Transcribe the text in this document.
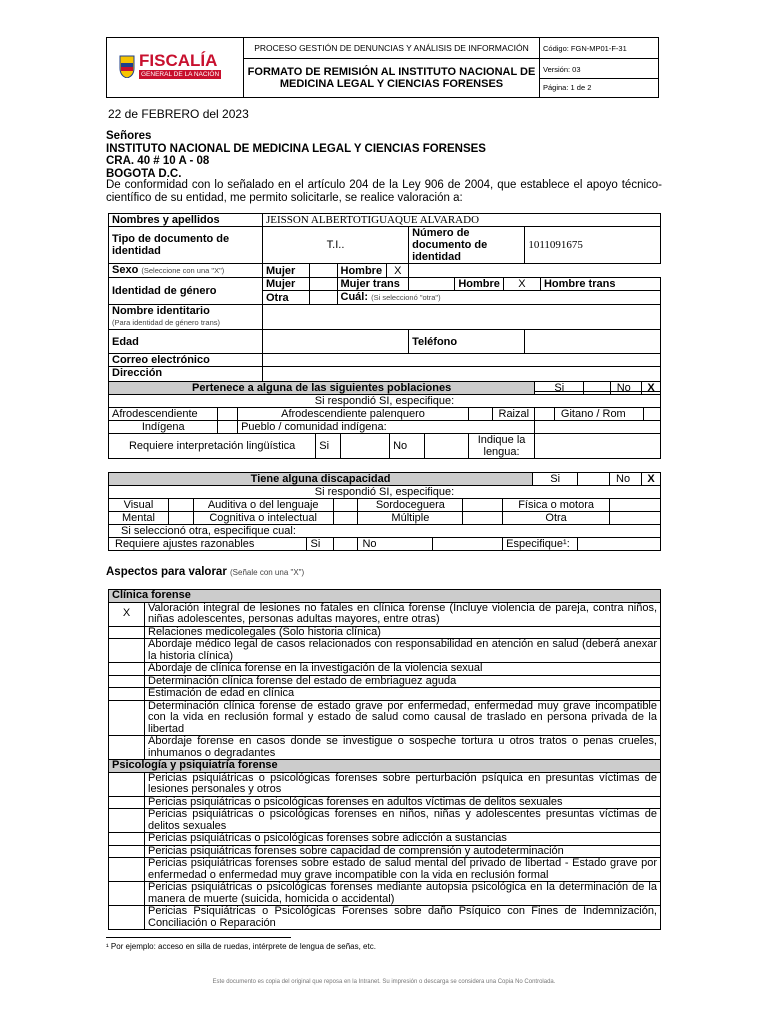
FISCALÍA
GENERAL DE LA NACIÓN	PROCESO GESTIÓN DE DENUNCIAS Y ANÁLISIS DE INFORMACIÓN	Código: FGN-MP01-F-31
	FORMATO DE REMISIÓN AL INSTITUTO NACIONAL DE MEDICINA LEGAL Y CIENCIAS FORENSES	Versión: 03
Página: 1 de 2
22 de FEBRERO del 2023
Señores
INSTITUTO NACIONAL DE MEDICINA LEGAL Y CIENCIAS FORENSES
CRA. 40 # 10 A - 08
BOGOTA D.C.
De conformidad con lo señalado en el artículo 204 de la Ley 906 de 2004, que establece el apoyo técnico-científico de su entidad, me permito solicitarle, se realice valoración a:
Nombres y apellidos	JEISSON ALBERTOTIGUAQUE ALVARADO								
Tipo de documento de identidad	T.I..				Número de documento de identidad			1011091675	
Sexo (Seleccione con una "X")	Mujer		Hombre	X					
Identidad de género	Mujer		Mujer trans			Hombre	X		Hombre trans
	Otra		Cuál: (Si seleccionó "otra")						

Nombre identitario
(Para identidad de género trans)									

Edad					Teléfono				
Correo electrónico									

Dirección									

Pertenece a alguna de las siguientes poblaciones									Si			No X

Si respondió SI, especifique:												
Afrodescendiente		Afrodescendiente palenquero						Raizal		Gitano / Rom		

Indígena		Pueblo / comunidad indígena:										
Requiere interpretación lingüística			Si		No		Indique la lengua:					
Tiene alguna discapacidad								Si		No X

Si respondió SI, especifique:										
Visual		Auditiva o del lenguaje		Sordoceguera			Física o motora			
Mental		Cognitiva o intelectual		Múltiple			Otra			
Si seleccionó otra, especifique cual:										
Requiere ajustes razonables Si				No			Especifique¹:			
Aspectos para valorar (Señale con una "X")
Clínica forense	
X	Valoración integral de lesiones no fatales en clínica forense (Incluye violencia de pareja, contra niños, niñas adolescentes, personas adultas mayores, entre otras)
	Relaciones medicolegales (Solo historia clínica)
	Abordaje médico legal de casos relacionados con responsabilidad en atención en salud (deberá anexar la historia clínica)
	Abordaje de clínica forense en la investigación de la violencia sexual
	Determinación clínica forense del estado de embriaguez aguda
	Estimación de edad en clínica
	Determinación clínica forense de estado grave por enfermedad, enfermedad muy grave incompatible con la vida en reclusión formal y estado de salud como causal de traslado en persona privada de la libertad
	Abordaje forense en casos donde se investigue o sospeche tortura u otros tratos o penas crueles, inhumanos o degradantes
Psicología y psiquiatría forense	
	Pericias psiquiátricas o psicológicas forenses sobre perturbación psíquica en presuntas víctimas de lesiones personales y otros
	Pericias psiquiátricas o psicológicas forenses en adultos víctimas de delitos sexuales
	Pericias psiquiátricas o psicológicas forenses en niños, niñas y adolescentes presuntas víctimas de delitos sexuales
	Pericias psiquiátricas o psicológicas forenses sobre adicción a sustancias
	Pericias psiquiátricas forenses sobre capacidad de comprensión y autodeterminación
	Pericias psiquiátricas forenses sobre estado de salud mental del privado de libertad - Estado grave por enfermedad o enfermedad muy grave incompatible con la vida en reclusión formal
	Pericias psiquiátricas o psicológicas forenses mediante autopsia psicológica en la determinación de la manera de muerte (suicida, homicida o accidental)
	Pericias Psiquiátricas o Psicológicas Forenses sobre daño Psíquico con Fines de Indemnización, Conciliación o Reparación
¹ Por ejemplo: acceso en silla de ruedas, intérprete de lengua de señas, etc.
Este documento es copia del original que reposa en la Intranet. Su impresión o descarga se considera una Copia No Controlada.
